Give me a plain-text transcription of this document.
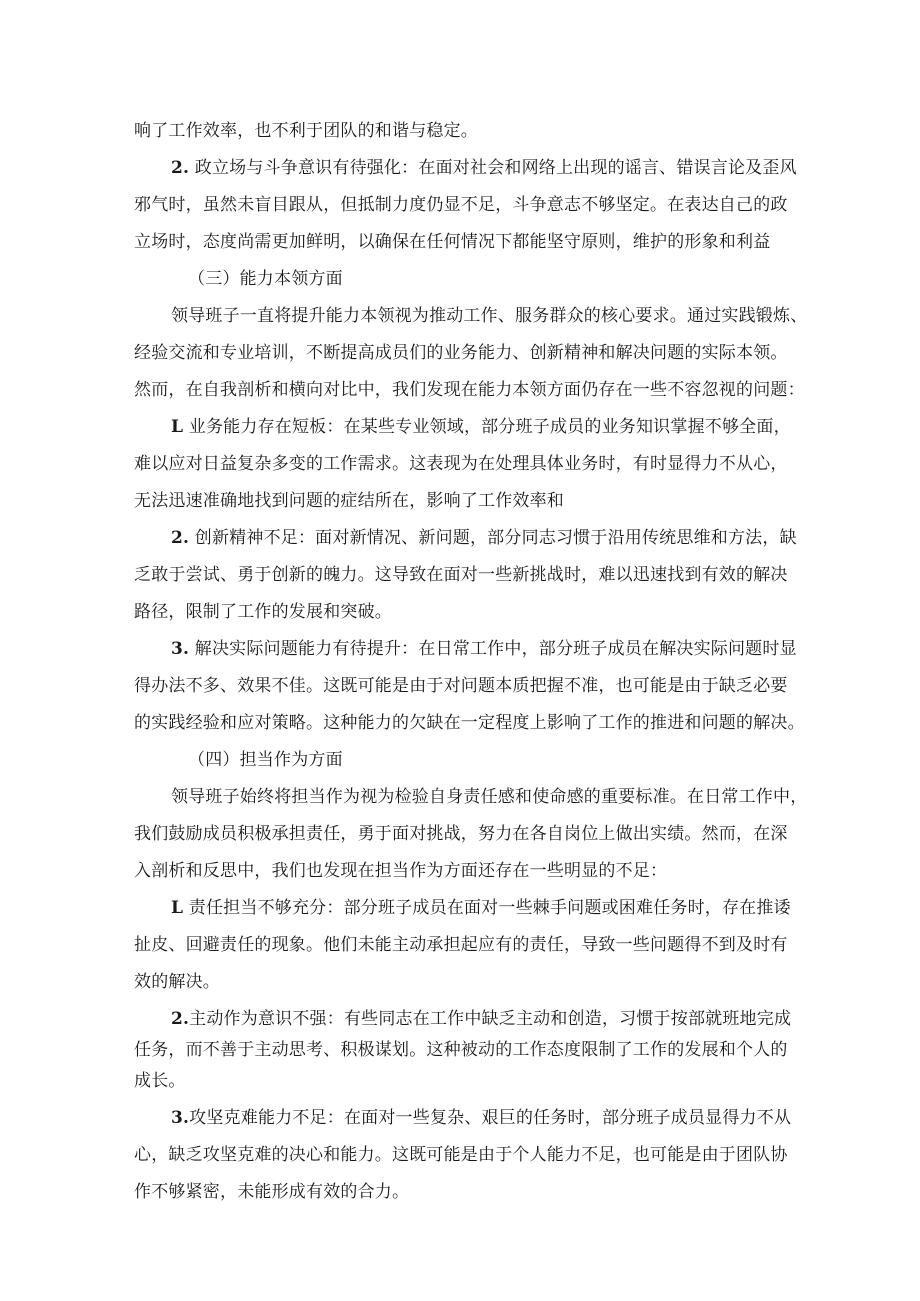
响了工作效率，也不利于团队的和谐与稳定。
2. 政立场与斗争意识有待强化：在面对社会和网络上出现的谣言、错误言论及歪风
邪气时，虽然未盲目跟从，但抵制力度仍显不足，斗争意志不够坚定。在表达自己的政
立场时，态度尚需更加鲜明，以确保在任何情况下都能坚守原则，维护的形象和利益
（三）能力本领方面
领导班子一直将提升能力本领视为推动工作、服务群众的核心要求。通过实践锻炼、
经验交流和专业培训，不断提高成员们的业务能力、创新精神和解决问题的实际本领。
然而，在自我剖析和横向对比中，我们发现在能力本领方面仍存在一些不容忽视的问题：
L 业务能力存在短板：在某些专业领域，部分班子成员的业务知识掌握不够全面，
难以应对日益复杂多变的工作需求。这表现为在处理具体业务时，有时显得力不从心，
无法迅速准确地找到问题的症结所在，影响了工作效率和
2. 创新精神不足：面对新情况、新问题，部分同志习惯于沿用传统思维和方法，缺
乏敢于尝试、勇于创新的魄力。这导致在面对一些新挑战时，难以迅速找到有效的解决
路径，限制了工作的发展和突破。
3. 解决实际问题能力有待提升：在日常工作中，部分班子成员在解决实际问题时显
得办法不多、效果不佳。这既可能是由于对问题本质把握不准，也可能是由于缺乏必要
的实践经验和应对策略。这种能力的欠缺在一定程度上影响了工作的推进和问题的解决。
（四）担当作为方面
领导班子始终将担当作为视为检验自身责任感和使命感的重要标准。在日常工作中，
我们鼓励成员积极承担责任，勇于面对挑战，努力在各自岗位上做出实绩。然而，在深
入剖析和反思中，我们也发现在担当作为方面还存在一些明显的不足：
L 责任担当不够充分：部分班子成员在面对一些棘手问题或困难任务时，存在推诿
扯皮、回避责任的现象。他们未能主动承担起应有的责任，导致一些问题得不到及时有
效的解决。
2.主动作为意识不强：有些同志在工作中缺乏主动和创造，习惯于按部就班地完成
任务，而不善于主动思考、积极谋划。这种被动的工作态度限制了工作的发展和个人的
成长。
3.攻坚克难能力不足：在面对一些复杂、艰巨的任务时，部分班子成员显得力不从
心，缺乏攻坚克难的决心和能力。这既可能是由于个人能力不足，也可能是由于团队协
作不够紧密，未能形成有效的合力。
